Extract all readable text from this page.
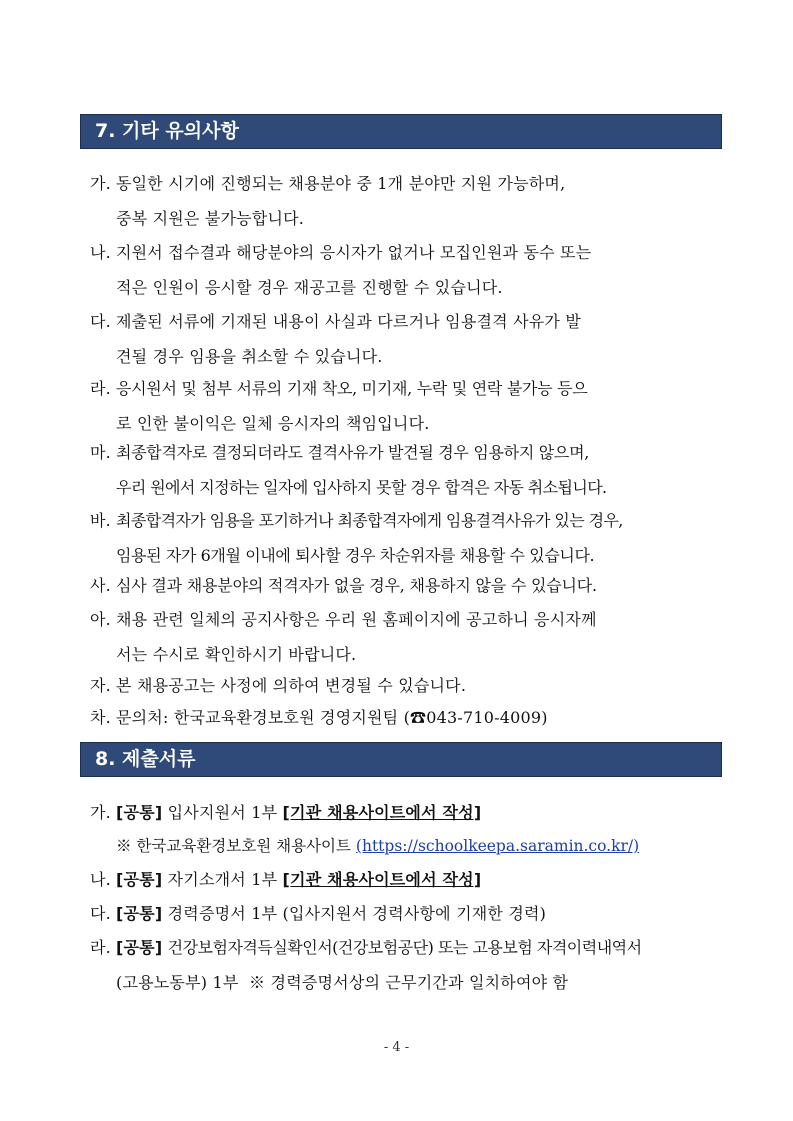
7. 기타 유의사항
가. 동일한 시기에 진행되는 채용분야 중 1개 분야만 지원 가능하며,
중복 지원은 불가능합니다.
나. 지원서 접수결과 해당분야의 응시자가 없거나 모집인원과 동수 또는
적은 인원이 응시할 경우 재공고를 진행할 수 있습니다.
다. 제출된 서류에 기재된 내용이 사실과 다르거나 임용결격 사유가 발
견될 경우 임용을 취소할 수 있습니다.
라. 응시원서 및 첨부 서류의 기재 착오, 미기재, 누락 및 연락 불가능 등으
로 인한 불이익은 일체 응시자의 책임입니다.
마. 최종합격자로 결정되더라도 결격사유가 발견될 경우 임용하지 않으며,
우리 원에서 지정하는 일자에 입사하지 못할 경우 합격은 자동 취소됩니다.
바. 최종합격자가 임용을 포기하거나 최종합격자에게 임용결격사유가 있는 경우,
임용된 자가 6개월 이내에 퇴사할 경우 차순위자를 채용할 수 있습니다.
사. 심사 결과 채용분야의 적격자가 없을 경우, 채용하지 않을 수 있습니다.
아. 채용 관련 일체의 공지사항은 우리 원 홈페이지에 공고하니 응시자께
서는 수시로 확인하시기 바랍니다.
자. 본 채용공고는 사정에 의하여 변경될 수 있습니다.
차. 문의처: 한국교육환경보호원 경영지원팀 (☎043-710-4009)
8. 제출서류
가. [공통] 입사지원서 1부 [기관 채용사이트에서 작성]
※ 한국교육환경보호원 채용사이트 (https://schoolkeepa.saramin.co.kr/)
나. [공통] 자기소개서 1부 [기관 채용사이트에서 작성]
다. [공통] 경력증명서 1부 (입사지원서 경력사항에 기재한 경력)
라. [공통] 건강보험자격득실확인서(건강보험공단) 또는 고용보험 자격이력내역서
(고용노동부) 1부  ※ 경력증명서상의 근무기간과 일치하여야 함
- 4 -
